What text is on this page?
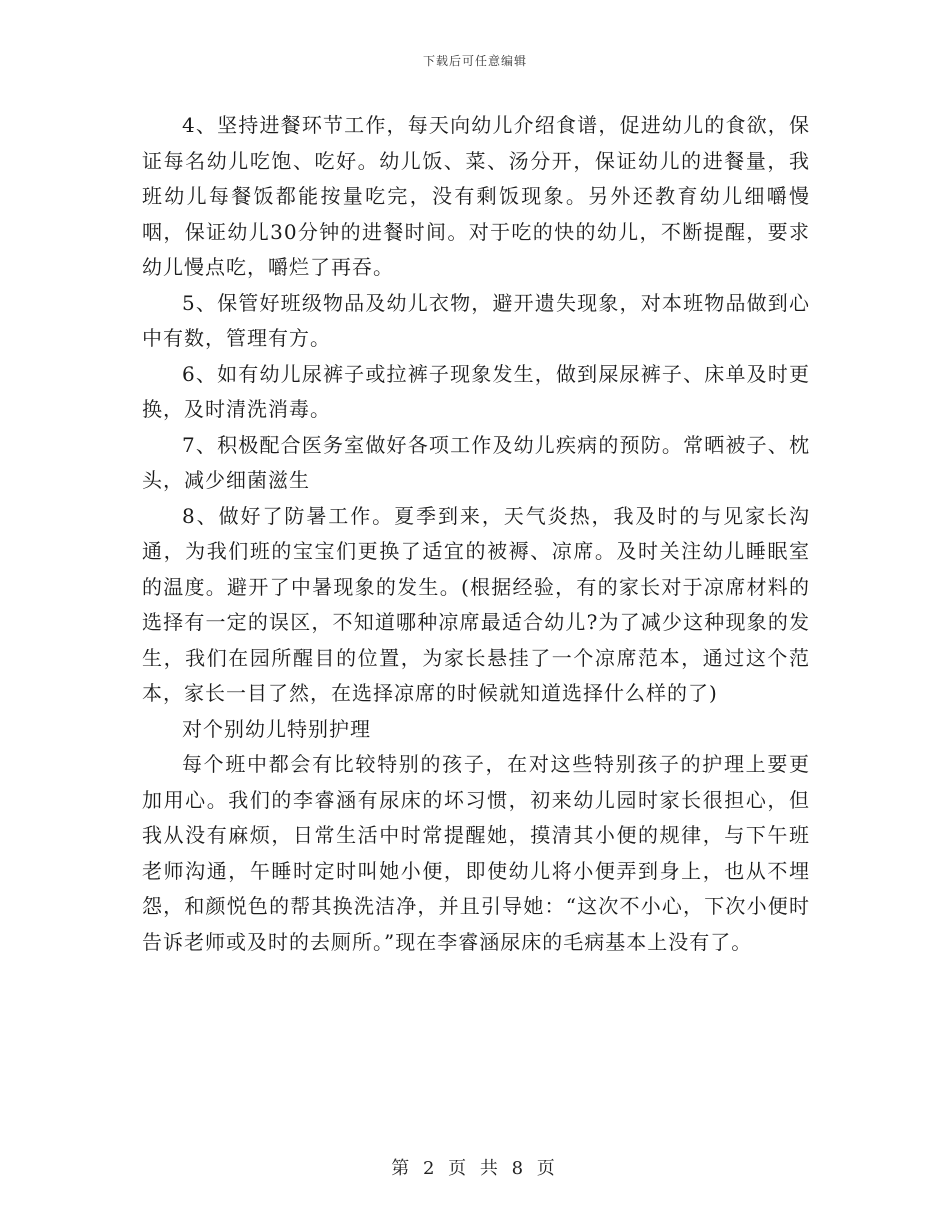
下载后可任意编辑

4、坚持进餐环节工作，每天向幼儿介绍食谱，促进幼儿的食欲，保证每名幼儿吃饱、吃好。幼儿饭、菜、汤分开，保证幼儿的进餐量，我班幼儿每餐饭都能按量吃完，没有剩饭现象。另外还教育幼儿细嚼慢咽，保证幼儿30分钟的进餐时间。对于吃的快的幼儿，不断提醒，要求幼儿慢点吃，嚼烂了再吞。

5、保管好班级物品及幼儿衣物，避开遗失现象，对本班物品做到心中有数，管理有方。

6、如有幼儿尿裤子或拉裤子现象发生，做到屎尿裤子、床单及时更换，及时清洗消毒。

7、积极配合医务室做好各项工作及幼儿疾病的预防。常晒被子、枕头，减少细菌滋生

8、做好了防暑工作。夏季到来，天气炎热，我及时的与见家长沟通，为我们班的宝宝们更换了适宜的被褥、凉席。及时关注幼儿睡眠室的温度。避开了中暑现象的发生。(根据经验，有的家长对于凉席材料的选择有一定的误区，不知道哪种凉席最适合幼儿?为了减少这种现象的发生，我们在园所醒目的位置，为家长悬挂了一个凉席范本，通过这个范本，家长一目了然，在选择凉席的时候就知道选择什么样的了)

对个别幼儿特别护理

每个班中都会有比较特别的孩子，在对这些特别孩子的护理上要更加用心。我们的李睿涵有尿床的坏习惯，初来幼儿园时家长很担心，但我从没有麻烦，日常生活中时常提醒她，摸清其小便的规律，与下午班老师沟通，午睡时定时叫她小便，即使幼儿将小便弄到身上，也从不埋怨，和颜悦色的帮其换洗洁净，并且引导她：“这次不小心，下次小便时告诉老师或及时的去厕所。”现在李睿涵尿床的毛病基本上没有了。

第 2 页 共 8 页
